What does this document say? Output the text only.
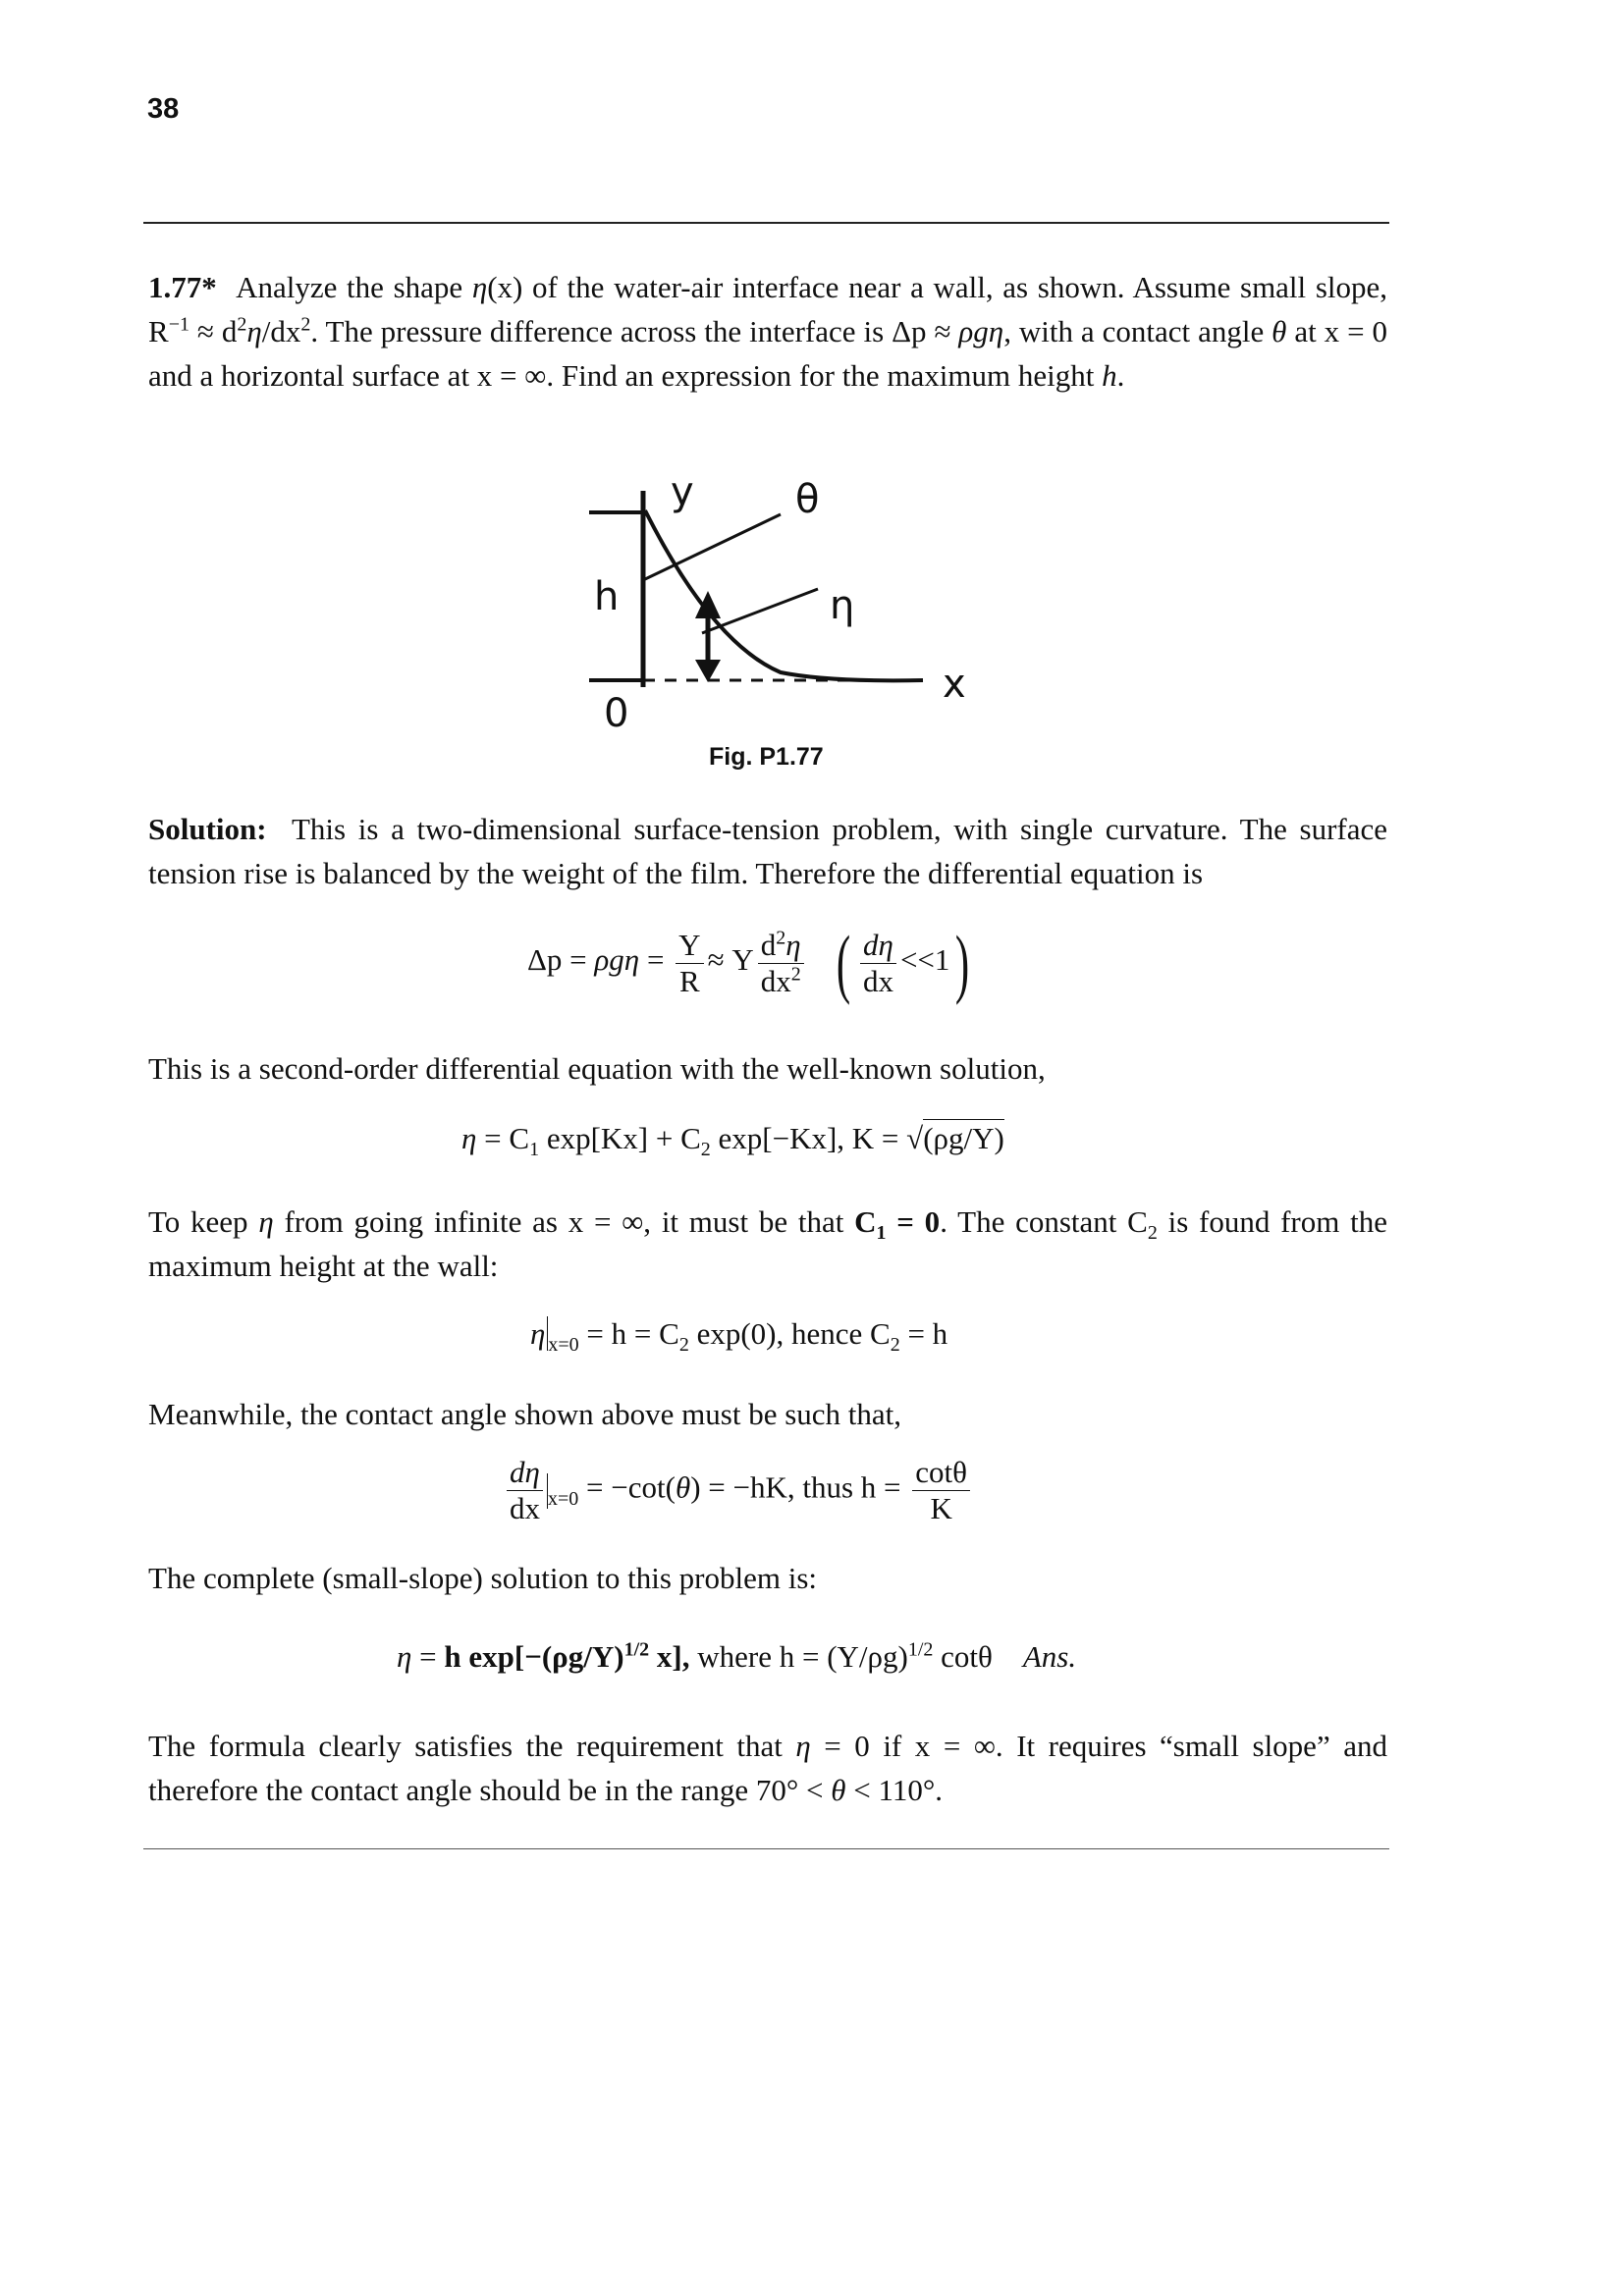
38
1.77* Analyze the shape η(x) of the water-air interface near a wall, as shown. Assume small slope, $R^{-1} \approx d^2\eta/dx^2$. The pressure difference across the interface is Δp ≈ ρgη, with a contact angle θ at x = 0 and a horizontal surface at x = ∞. Find an expression for the maximum height h.
y	θ
h	η
x
0
Fig. P1.77
Solution: This is a two-dimensional surface-tension problem, with single curvature. The surface tension rise is balanced by the weight of the film. Therefore the differential equation is
$\Delta p = \rho g\eta = \frac{Y}{R} \approx Y \frac{d^2\eta}{dx^2}$ ( $\frac{d\eta}{dx} <<1$)
This is a second-order differential equation with the well-known solution,
$\eta = C_1$ $\exp[Kx] + C_2$ exp[−Kx], K = √(ρg/Y)
To keep η from going infinite as x = ∞, it must be that $C_1 = 0$. The constant $C_2$ is found from the maximum height at the wall:
η $_{x=0} = h = C_2$ exp(0), hence $C_2 = h$
Meanwhile, the contact angle shown above must be such that,
$\frac{d\eta}{dx} _{x=0} = -\cot(\theta) = -hK$, thus $h = \frac{\cot\theta}{K}$
The complete (small-slope) solution to this problem is:
η = h $\exp[-(\rho g/Y)^{1/2}$ x], where $h = (Y/\rho g)^{1/2}$ cotθ Ans.
The formula clearly satisfies the requirement that η = 0 if x = ∞. It requires “small slope” and therefore the contact angle should be in the range 70° < θ < 110°.
